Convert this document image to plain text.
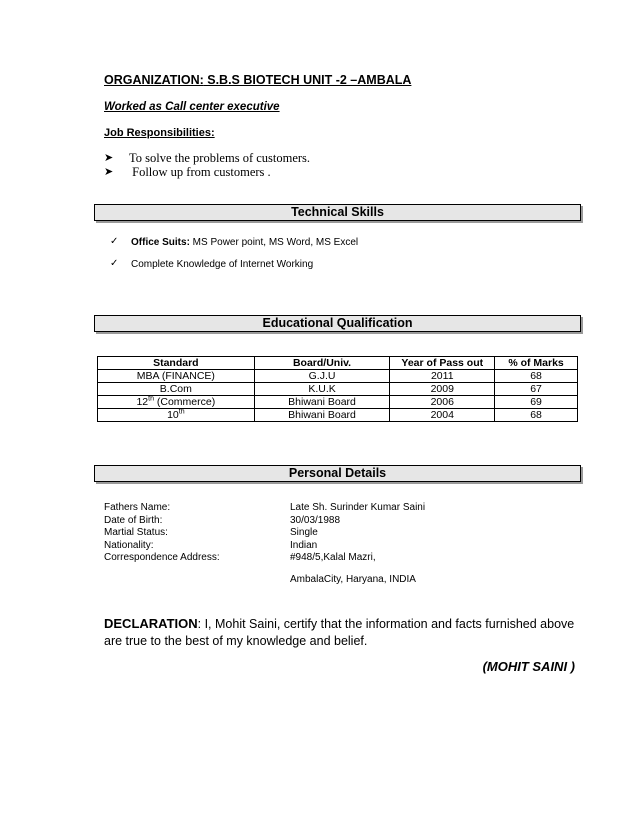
ORGANIZATION: S.B.S BIOTECH UNIT -2 –AMBALA
Worked as Call center executive
Job Responsibilities:
➤ To solve the problems of customers.
➤ Follow up from customers .
Technical Skills
✓ Office Suits: MS Power point, MS Word, MS Excel
✓ Complete Knowledge of Internet Working
Educational Qualification
Standard	Board/Univ.	Year of Pass out	% of Marks
MBA (FINANCE)	G.J.U	2011	68
B.Com	K.U.K	2009	67
12th (Commerce)	Bhiwani Board	2006	69
10th	Bhiwani Board	2004	68
Personal Details
Fathers Name:	Late Sh. Surinder Kumar Saini
Date of Birth:	30/03/1988
Martial Status:	Single
Nationality:	Indian
Correspondence Address:	#948/5,Kalal Mazri,
AmbalaCity, Haryana, INDIA
DECLARATION: I, Mohit Saini, certify that the information and facts furnished above are true to the best of my knowledge and belief.
(MOHIT SAINI )
